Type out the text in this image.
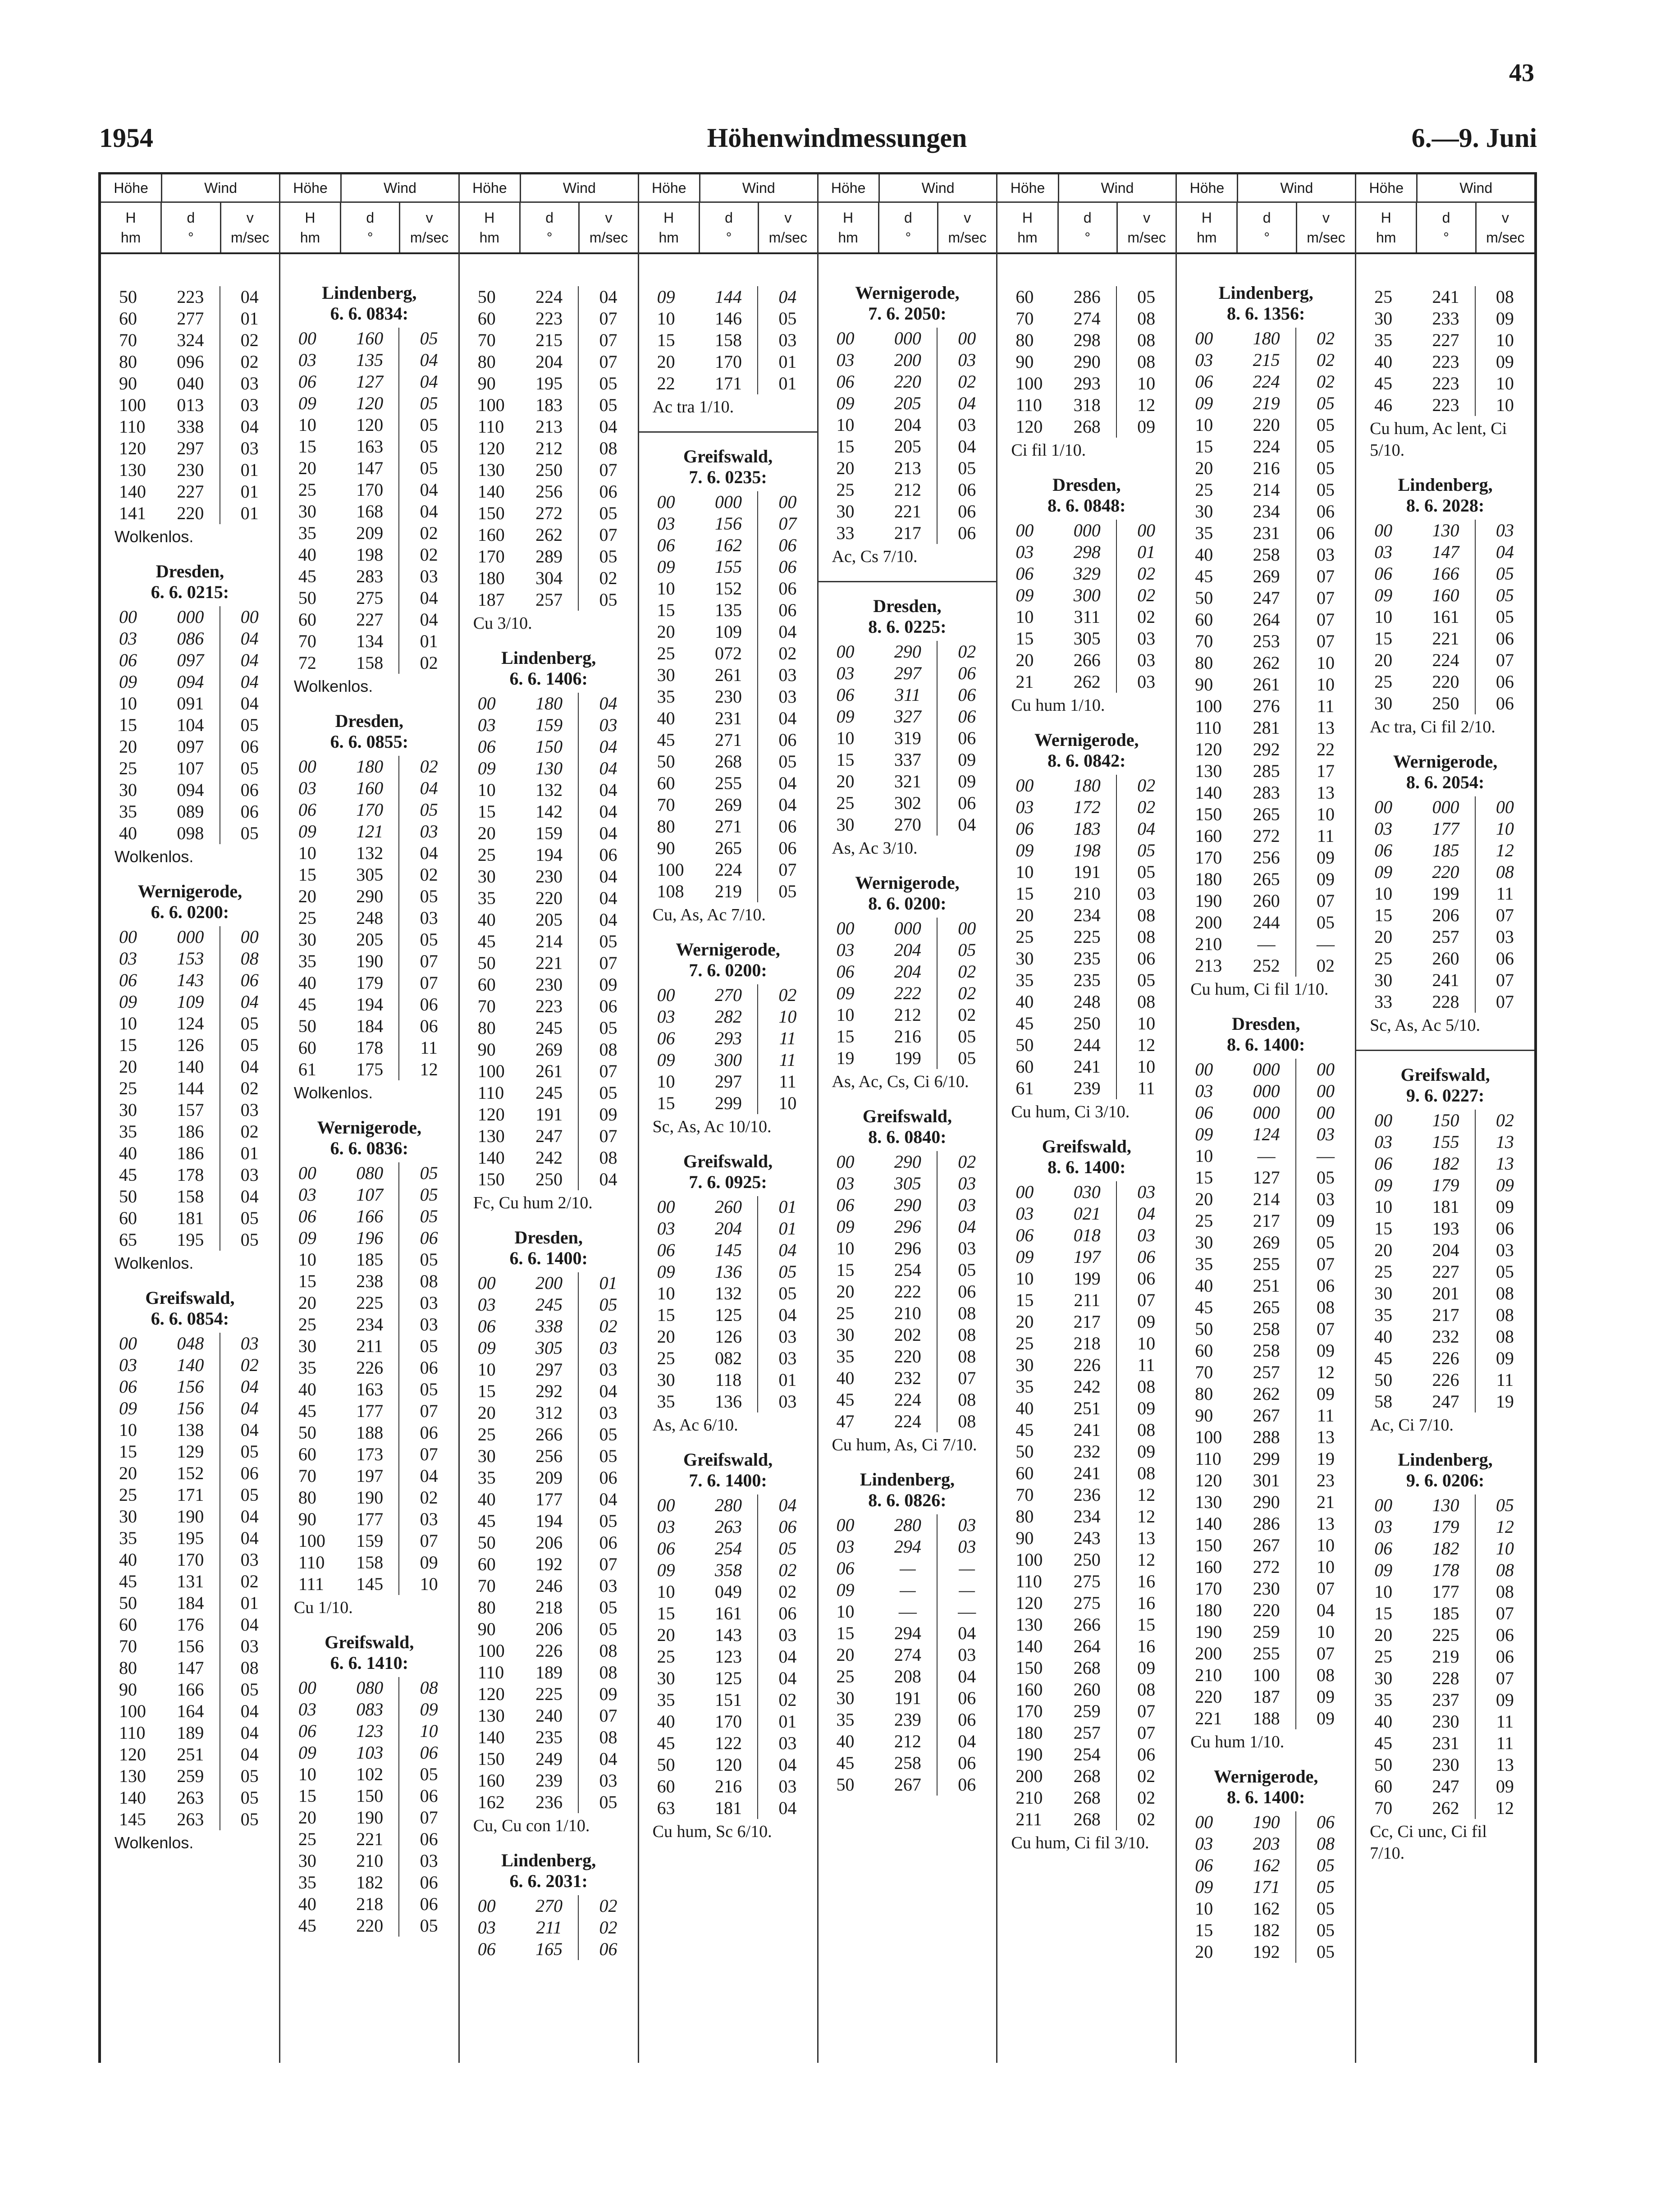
43
1954	Höhenwindmessungen	6.—9. Juni
Höhe	Wind
H
hm
d
°
v
m/sec
50	223	04
60	277	01
70	324	02
80	096	02
90	040	03
100	013	03
110	338	04
120	297	03
130	230	01
140	227	01
141	220	01
Wolkenlos.
Dresden,
6. 6. 0215:
00	000	00
03	086	04
06	097	04
09	094	04
10	091	04
15	104	05
20	097	06
25	107	05
30	094	06
35	089	06
40	098	05
Wolkenlos.
Wernigerode,
6. 6. 0200:
00	000	00
03	153	08
06	143	06
09	109	04
10	124	05
15	126	05
20	140	04
25	144	02
30	157	03
35	186	02
40	186	01
45	178	03
50	158	04
60	181	05
65	195	05
Wolkenlos.
Greifswald,
6. 6. 0854:
00	048	03
03	140	02
06	156	04
09	156	04
10	138	04
15	129	05
20	152	06
25	171	05
30	190	04
35	195	04
40	170	03
45	131	02
50	184	01
60	176	04
70	156	03
80	147	08
90	166	05
100	164	04
110	189	04
120	251	04
130	259	05
140	263	05
145	263	05
Wolkenlos.
Höhe	Wind
H
hm
d
°
v
m/sec
Lindenberg,
6. 6. 0834:
00	160	05
03	135	04
06	127	04
09	120	05
10	120	05
15	163	05
20	147	05
25	170	04
30	168	04
35	209	02
40	198	02
45	283	03
50	275	04
60	227	04
70	134	01
72	158	02
Wolkenlos.
Dresden,
6. 6. 0855:
00	180	02
03	160	04
06	170	05
09	121	03
10	132	04
15	305	02
20	290	05
25	248	03
30	205	05
35	190	07
40	179	07
45	194	06
50	184	06
60	178	11
61	175	12
Wolkenlos.
Wernigerode,
6. 6. 0836:
00	080	05
03	107	05
06	166	05
09	196	06
10	185	05
15	238	08
20	225	03
25	234	03
30	211	05
35	226	06
40	163	05
45	177	07
50	188	06
60	173	07
70	197	04
80	190	02
90	177	03
100	159	07
110	158	09
111	145	10
Cu 1/10.
Greifswald,
6. 6. 1410:
00	080	08
03	083	09
06	123	10
09	103	06
10	102	05
15	150	06
20	190	07
25	221	06
30	210	03
35	182	06
40	218	06
45	220	05
Höhe	Wind
H
hm
d
°
v
m/sec
50	224	04
60	223	07
70	215	07
80	204	07
90	195	05
100	183	05
110	213	04
120	212	08
130	250	07
140	256	06
150	272	05
160	262	07
170	289	05
180	304	02
187	257	05
Cu 3/10.
Lindenberg,
6. 6. 1406:
00	180	04
03	159	03
06	150	04
09	130	04
10	132	04
15	142	04
20	159	04
25	194	06
30	230	04
35	220	04
40	205	04
45	214	05
50	221	07
60	230	09
70	223	06
80	245	05
90	269	08
100	261	07
110	245	05
120	191	09
130	247	07
140	242	08
150	250	04
Fc, Cu hum 2/10.
Dresden,
6. 6. 1400:
00	200	01
03	245	05
06	338	02
09	305	03
10	297	03
15	292	04
20	312	03
25	266	05
30	256	05
35	209	06
40	177	04
45	194	05
50	206	06
60	192	07
70	246	03
80	218	05
90	206	05
100	226	08
110	189	08
120	225	09
130	240	07
140	235	08
150	249	04
160	239	03
162	236	05
Cu, Cu con 1/10.
Lindenberg,
6. 6. 2031:
00	270	02
03	211	02
06	165	06
Höhe	Wind
H
hm
d
°
v
m/sec
09	144	04
10	146	05
15	158	03
20	170	01
22	171	01
Ac tra 1/10.
Greifswald,
7. 6. 0235:
00	000	00
03	156	07
06	162	06
09	155	06
10	152	06
15	135	06
20	109	04
25	072	02
30	261	03
35	230	03
40	231	04
45	271	06
50	268	05
60	255	04
70	269	04
80	271	06
90	265	06
100	224	07
108	219	05
Cu, As, Ac 7/10.
Wernigerode,
7. 6. 0200:
00	270	02
03	282	10
06	293	11
09	300	11
10	297	11
15	299	10
Sc, As, Ac 10/10.
Greifswald,
7. 6. 0925:
00	260	01
03	204	01
06	145	04
09	136	05
10	132	05
15	125	04
20	126	03
25	082	03
30	118	01
35	136	03
As, Ac 6/10.
Greifswald,
7. 6. 1400:
00	280	04
03	263	06
06	254	05
09	358	02
10	049	02
15	161	06
20	143	03
25	123	04
30	125	04
35	151	02
40	170	01
45	122	03
50	120	04
60	216	03
63	181	04
Cu hum, Sc 6/10.
Höhe	Wind
H
hm
d
°
v
m/sec
Wernigerode,
7. 6. 2050:
00	000	00
03	200	03
06	220	02
09	205	04
10	204	03
15	205	04
20	213	05
25	212	06
30	221	06
33	217	06
Ac, Cs 7/10.
Dresden,
8. 6. 0225:
00	290	02
03	297	06
06	311	06
09	327	06
10	319	06
15	337	09
20	321	09
25	302	06
30	270	04
As, Ac 3/10.
Wernigerode,
8. 6. 0200:
00	000	00
03	204	05
06	204	02
09	222	02
10	212	02
15	216	05
19	199	05
As, Ac, Cs, Ci 6/10.
Greifswald,
8. 6. 0840:
00	290	02
03	305	03
06	290	03
09	296	04
10	296	03
15	254	05
20	222	06
25	210	08
30	202	08
35	220	08
40	232	07
45	224	08
47	224	08
Cu hum, As, Ci 7/10.
Lindenberg,
8. 6. 0826:
00	280	03
03	294	03
06	—	—
09	—	—
10	—	—
15	294	04
20	274	03
25	208	04
30	191	06
35	239	06
40	212	04
45	258	06
50	267	06
Höhe	Wind
H
hm
d
°
v
m/sec
60	286	05
70	274	08
80	298	08
90	290	08
100	293	10
110	318	12
120	268	09
Ci fil 1/10.
Dresden,
8. 6. 0848:
00	000	00
03	298	01
06	329	02
09	300	02
10	311	02
15	305	03
20	266	03
21	262	03
Cu hum 1/10.
Wernigerode,
8. 6. 0842:
00	180	02
03	172	02
06	183	04
09	198	05
10	191	05
15	210	03
20	234	08
25	225	08
30	235	06
35	235	05
40	248	08
45	250	10
50	244	12
60	241	10
61	239	11
Cu hum, Ci 3/10.
Greifswald,
8. 6. 1400:
00	030	03
03	021	04
06	018	03
09	197	06
10	199	06
15	211	07
20	217	09
25	218	10
30	226	11
35	242	08
40	251	09
45	241	08
50	232	09
60	241	08
70	236	12
80	234	12
90	243	13
100	250	12
110	275	16
120	275	16
130	266	15
140	264	16
150	268	09
160	260	08
170	259	07
180	257	07
190	254	06
200	268	02
210	268	02
211	268	02
Cu hum, Ci fil 3/10.
Höhe	Wind
H
hm
d
°
v
m/sec
Lindenberg,
8. 6. 1356:
00	180	02
03	215	02
06	224	02
09	219	05
10	220	05
15	224	05
20	216	05
25	214	05
30	234	06
35	231	06
40	258	03
45	269	07
50	247	07
60	264	07
70	253	07
80	262	10
90	261	10
100	276	11
110	281	13
120	292	22
130	285	17
140	283	13
150	265	10
160	272	11
170	256	09
180	265	09
190	260	07
200	244	05
210	—	—
213	252	02
Cu hum, Ci fil 1/10.
Dresden,
8. 6. 1400:
00	000	00
03	000	00
06	000	00
09	124	03
10	—	—
15	127	05
20	214	03
25	217	09
30	269	05
35	255	07
40	251	06
45	265	08
50	258	07
60	258	09
70	257	12
80	262	09
90	267	11
100	288	13
110	299	19
120	301	23
130	290	21
140	286	13
150	267	10
160	272	10
170	230	07
180	220	04
190	259	10
200	255	07
210	100	08
220	187	09
221	188	09
Cu hum 1/10.
Wernigerode,
8. 6. 1400:
00	190	06
03	203	08
06	162	05
09	171	05
10	162	05
15	182	05
20	192	05
Höhe	Wind
H
hm
d
°
v
m/sec
25	241	08
30	233	09
35	227	10
40	223	09
45	223	10
46	223	10
Cu hum, Ac lent, Ci 5/10.
Lindenberg,
8. 6. 2028:
00	130	03
03	147	04
06	166	05
09	160	05
10	161	05
15	221	06
20	224	07
25	220	06
30	250	06
Ac tra, Ci fil 2/10.
Wernigerode,
8. 6. 2054:
00	000	00
03	177	10
06	185	12
09	220	08
10	199	11
15	206	07
20	257	03
25	260	06
30	241	07
33	228	07
Sc, As, Ac 5/10.
Greifswald,
9. 6. 0227:
00	150	02
03	155	13
06	182	13
09	179	09
10	181	09
15	193	06
20	204	03
25	227	05
30	201	08
35	217	08
40	232	08
45	226	09
50	226	11
58	247	19
Ac, Ci 7/10.
Lindenberg,
9. 6. 0206:
00	130	05
03	179	12
06	182	10
09	178	08
10	177	08
15	185	07
20	225	06
25	219	06
30	228	07
35	237	09
40	230	11
45	231	11
50	230	13
60	247	09
70	262	12
Cc, Ci unc, Ci fil 7/10.
